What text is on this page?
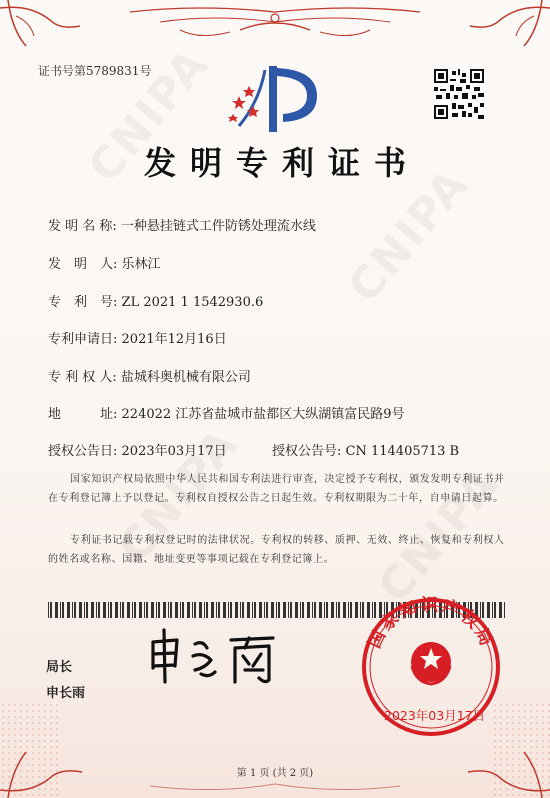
证书号第5789831号
发明专利证书
发 明 名 称: 一种悬挂链式工件防锈处理流水线
发　明　人: 乐林江
专　利　号: ZL 2021 1 1542930.6
专利申请日: 2021年12月16日
专 利 权 人: 盐城科奥机械有限公司
地　　　址: 224022 江苏省盐城市盐都区大纵湖镇富民路9号
授权公告日: 2023年03月17日	授权公告号: CN 114405713 B
国家知识产权局依照中华人民共和国专利法进行审查，决定授予专利权，颁发发明专利证书并在专利登记簿上予以登记。专利权自授权公告之日起生效。专利权期限为二十年，自申请日起算。
专利证书记载专利权登记时的法律状况。专利权的转移、质押、无效、终止、恢复和专利权人的姓名或名称、国籍、地址变更等事项记载在专利登记簿上。
局长
申长雨
国家知识产权局
2023年03月17日
第 1 页 (共 2 页)
